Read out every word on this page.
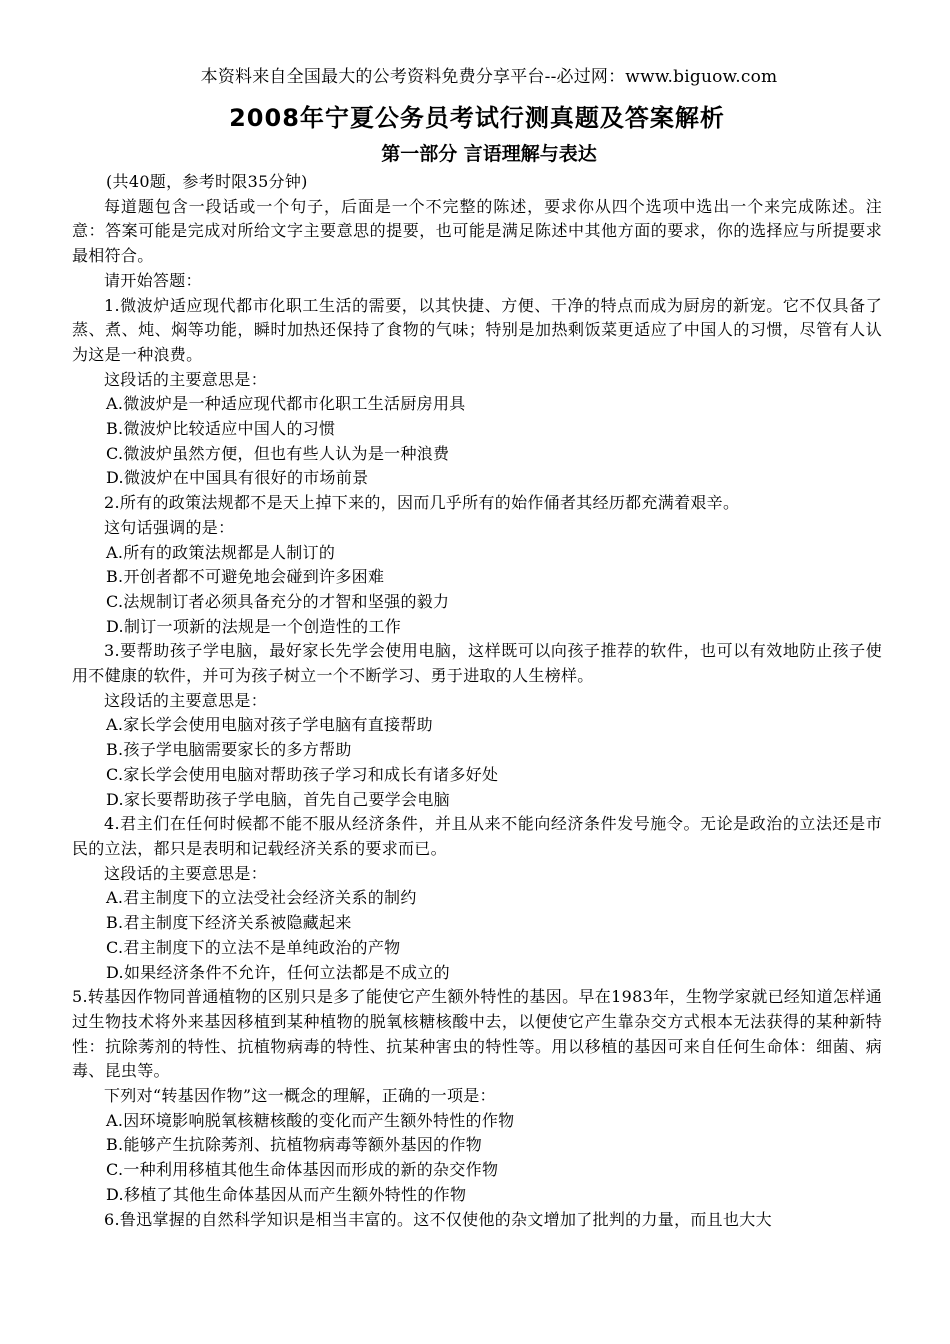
本资料来自全国最大的公考资料免费分享平台--必过网：www.biguow.com
2008年宁夏公务员考试行测真题及答案解析
第一部分 言语理解与表达

(共40题，参考时限35分钟)

每道题包含一段话或一个句子，后面是一个不完整的陈述，要求你从四个选项中选出一个来完成陈述。注意：答案可能是完成对所给文字主要意思的提要，也可能是满足陈述中其他方面的要求，你的选择应与所提要求最相符合。

请开始答题：

1.微波炉适应现代都市化职工生活的需要，以其快捷、方便、干净的特点而成为厨房的新宠。它不仅具备了蒸、煮、炖、焖等功能，瞬时加热还保持了食物的气味；特别是加热剩饭菜更适应了中国人的习惯，尽管有人认为这是一种浪费。

这段话的主要意思是：

A.微波炉是一种适应现代都市化职工生活厨房用具

B.微波炉比较适应中国人的习惯

C.微波炉虽然方便，但也有些人认为是一种浪费

D.微波炉在中国具有很好的市场前景

2.所有的政策法规都不是天上掉下来的，因而几乎所有的始作俑者其经历都充满着艰辛。

这句话强调的是：

A.所有的政策法规都是人制订的

B.开创者都不可避免地会碰到许多困难

C.法规制订者必须具备充分的才智和坚强的毅力

D.制订一项新的法规是一个创造性的工作

3.要帮助孩子学电脑，最好家长先学会使用电脑，这样既可以向孩子推荐的软件，也可以有效地防止孩子使用不健康的软件，并可为孩子树立一个不断学习、勇于进取的人生榜样。

这段话的主要意思是：

A.家长学会使用电脑对孩子学电脑有直接帮助

B.孩子学电脑需要家长的多方帮助

C.家长学会使用电脑对帮助孩子学习和成长有诸多好处

D.家长要帮助孩子学电脑，首先自己要学会电脑

4.君主们在任何时候都不能不服从经济条件，并且从来不能向经济条件发号施令。无论是政治的立法还是市民的立法，都只是表明和记载经济关系的要求而已。

这段话的主要意思是：

A.君主制度下的立法受社会经济关系的制约

B.君主制度下经济关系被隐藏起来

C.君主制度下的立法不是单纯政治的产物

D.如果经济条件不允许，任何立法都是不成立的

5.转基因作物同普通植物的区别只是多了能使它产生额外特性的基因。早在1983年，生物学家就已经知道怎样通过生物技术将外来基因移植到某种植物的脱氧核糖核酸中去，以便使它产生靠杂交方式根本无法获得的某种新特性：抗除莠剂的特性、抗植物病毒的特性、抗某种害虫的特性等。用以移植的基因可来自任何生命体：细菌、病毒、昆虫等。

下列对“转基因作物”这一概念的理解，正确的一项是：

A.因环境影响脱氧核糖核酸的变化而产生额外特性的作物

B.能够产生抗除莠剂、抗植物病毒等额外基因的作物

C.一种利用移植其他生命体基因而形成的新的杂交作物

D.移植了其他生命体基因从而产生额外特性的作物

6.鲁迅掌握的自然科学知识是相当丰富的。这不仅使他的杂文增加了批判的力量，而且也大大
